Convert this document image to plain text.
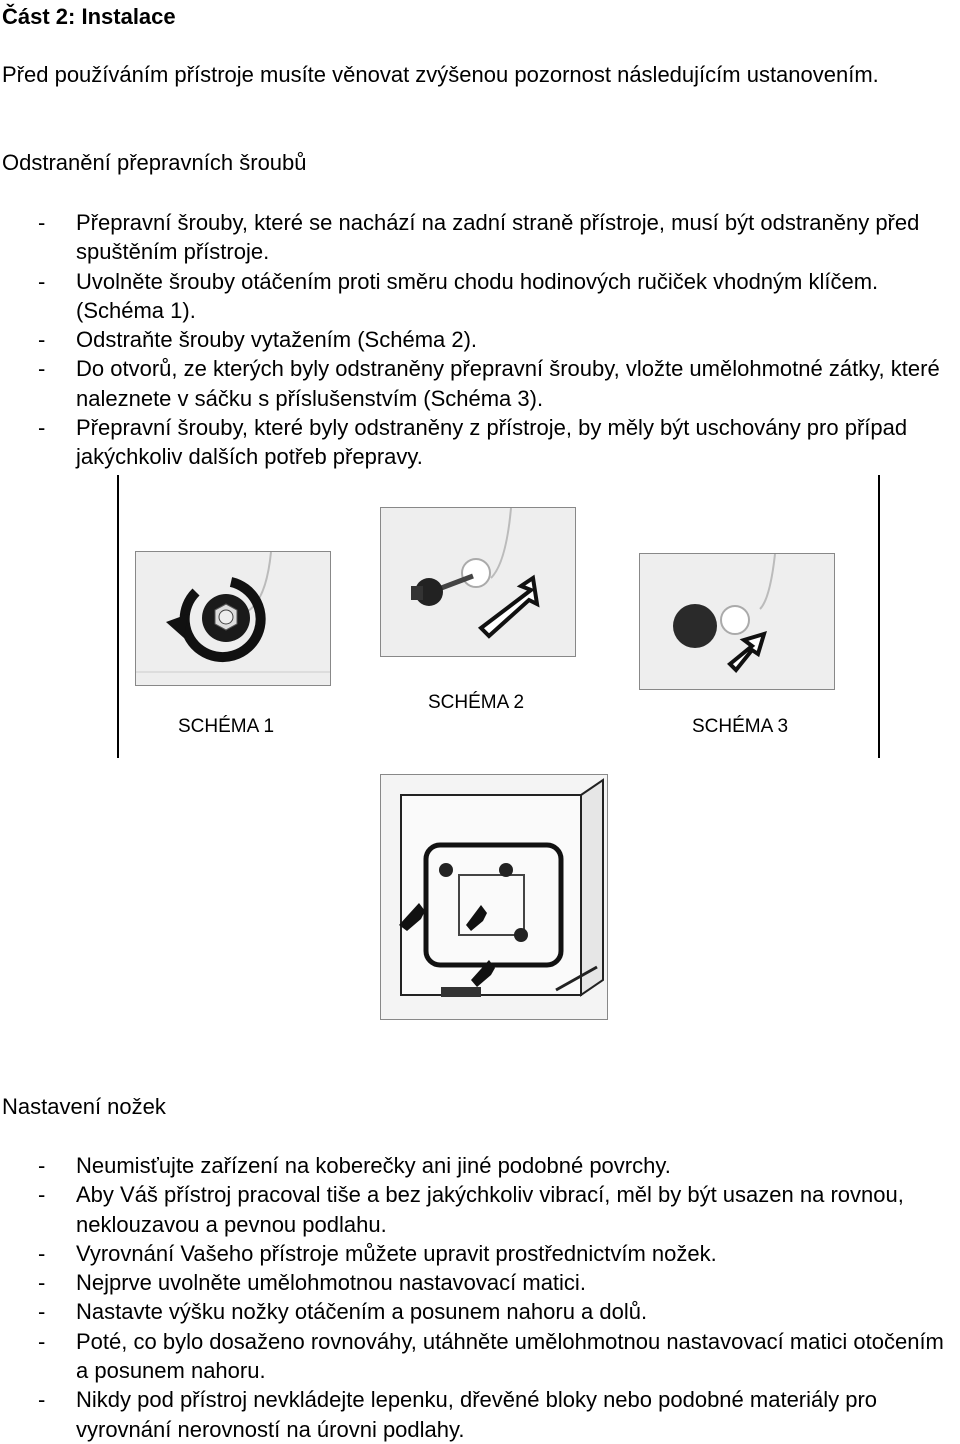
Část 2: Instalace

Před používáním přístroje musíte věnovat zvýšenou pozornost následujícím ustanovením.

Odstranění přepravních šroubů

- Přepravní šrouby, které se nachází na zadní straně přístroje, musí být odstraněny před spuštěním přístroje.
- Uvolněte šrouby otáčením proti směru chodu hodinových ručiček vhodným klíčem. (Schéma 1).
- Odstraňte šrouby vytažením (Schéma 2).
- Do otvorů, ze kterých byly odstraněny přepravní šrouby, vložte umělohmotné zátky, které naleznete v sáčku s příslušenstvím (Schéma 3).
- Přepravní šrouby, které byly odstraněny z přístroje, by měly být uschovány pro případ jakýchkoliv dalších potřeb přepravy.
SCHÉMA 1
SCHÉMA 2
SCHÉMA 3

Nastavení nožek

- Neumisťujte zařízení na koberečky ani jiné podobné povrchy.
- Aby Váš přístroj pracoval tiše a bez jakýchkoliv vibrací, měl by být usazen na rovnou, neklouzavou a pevnou podlahu.
- Vyrovnání Vašeho přístroje můžete upravit prostřednictvím nožek.
- Nejprve uvolněte umělohmotnou nastavovací matici.
- Nastavte výšku nožky otáčením a posunem nahoru a dolů.
- Poté, co bylo dosaženo rovnováhy, utáhněte umělohmotnou nastavovací matici otočením a posunem nahoru.
- Nikdy pod přístroj nevkládejte lepenku, dřevěné bloky nebo podobné materiály pro vyrovnání nerovností na úrovni podlahy.
